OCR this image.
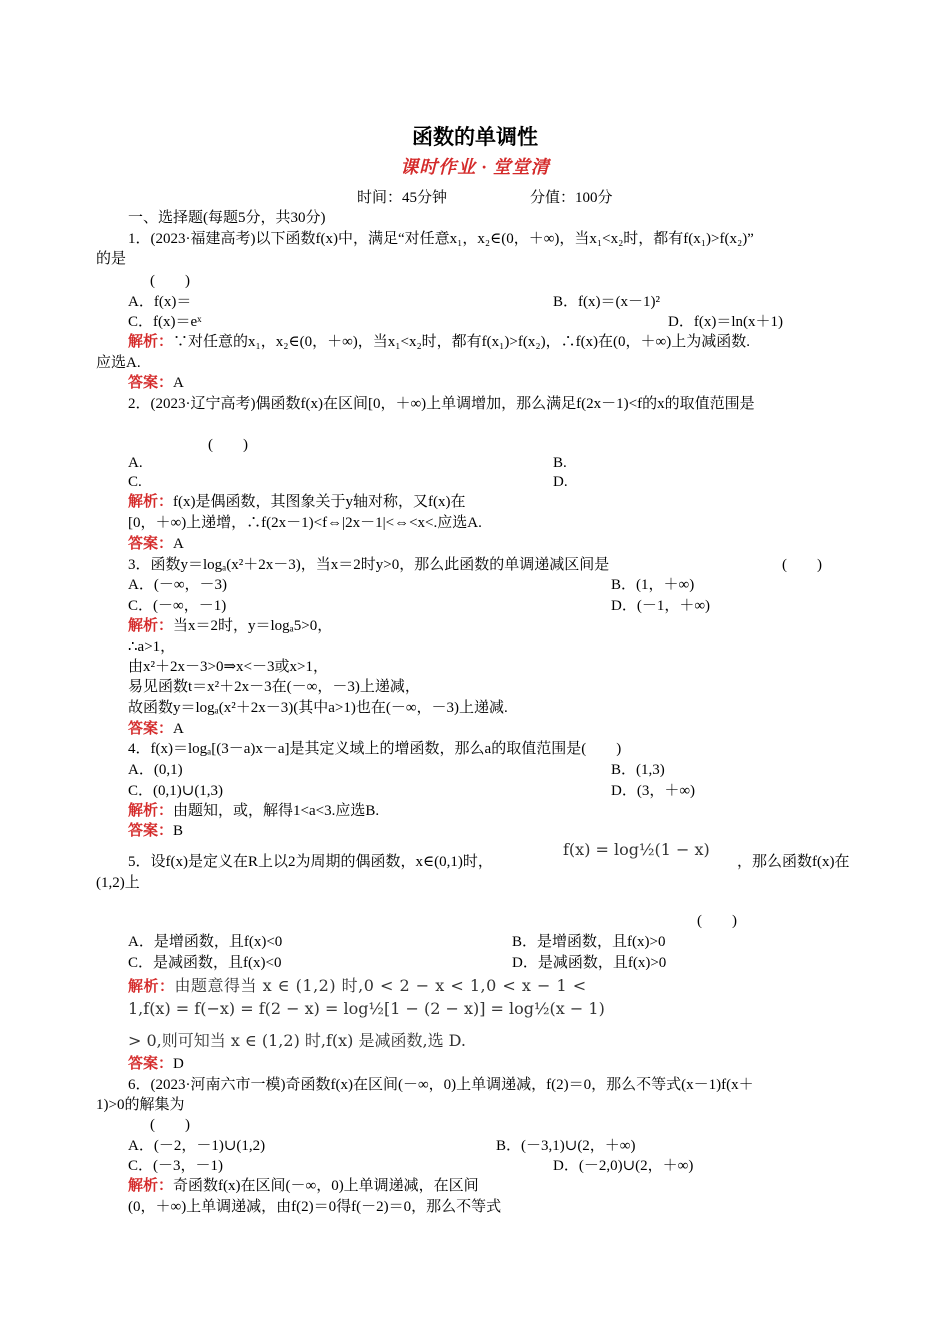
函数的单调性
课时作业 · 堂堂清
时间：45分钟	分值：100分
一、选择题(每题5分，共30分)
1．(2023·福建高考)以下函数f(x)中，满足“对任意x₁，x₂∈(0，＋∞)，当x₁<x₂时，都有f(x₁)>f(x₂)”
的是
(　　)
A．f(x)＝	B．f(x)＝(x－1)²
C．f(x)＝eˣ	D．f(x)＝ln(x＋1)
解析：∵对任意的x₁，x₂∈(0，＋∞)，当x₁<x₂时，都有f(x₁)>f(x₂)，∴f(x)在(0，＋∞)上为减函数.
应选A.
答案：A
2．(2023·辽宁高考)偶函数f(x)在区间[0，＋∞)上单调增加，那么满足f(2x－1)<f的x的取值范围是
(　　)
A.	B.
C.	D.
解析：f(x)是偶函数，其图象关于y轴对称，又f(x)在
[0，＋∞)上递增，∴f(2x－1)<f⇔|2x－1|<⇔<x<.应选A.
答案：A
3．函数y＝logₐ(x²＋2x－3)，当x＝2时y>0，那么此函数的单调递减区间是	(　　)
A．(－∞，－3)	B．(1，＋∞)
C．(－∞，－1)	D．(－1，＋∞)
解析：当x＝2时，y＝logₐ5>0，
∴a>1，
由x²＋2x－3>0⇒x<－3或x>1，
易见函数t＝x²＋2x－3在(－∞，－3)上递减，
故函数y＝logₐ(x²＋2x－3)(其中a>1)也在(－∞，－3)上递减.
答案：A
4．f(x)＝logₐ[(3－a)x－a]是其定义域上的增函数，那么a的取值范围是(　　)
A．(0,1)	B．(1,3)
C．(0,1)∪(1,3)	D．(3，＋∞)
解析：由题知，或，解得1<a<3.应选B.
答案：B
5．设f(x)是定义在R上以2为周期的偶函数，x∈(0,1)时，
f(x) = log½(1 − x)
，那么函数f(x)在
(1,2)上
(　　)
A．是增函数，且f(x)<0	B．是增函数，且f(x)>0
C．是减函数，且f(x)<0	D．是减函数，且f(x)>0
解析：由题意得当 x ∈ (1,2) 时,0 < 2 − x < 1,0 < x − 1 <
1,f(x) = f(−x) = f(2 − x) = log½[1 − (2 − x)] = log½(x − 1)
> 0,则可知当 x ∈ (1,2) 时,f(x) 是减函数,选 D.
答案：D
6．(2023·河南六市一模)奇函数f(x)在区间(－∞，0)上单调递减，f(2)＝0，那么不等式(x－1)f(x＋
1)>0的解集为
(　　)
A．(－2，－1)∪(1,2)	B．(－3,1)∪(2，＋∞)
C．(－3，－1)	D．(－2,0)∪(2，＋∞)
解析：奇函数f(x)在区间(－∞，0)上单调递减，在区间
(0，＋∞)上单调递减，由f(2)＝0得f(－2)＝0，那么不等式
